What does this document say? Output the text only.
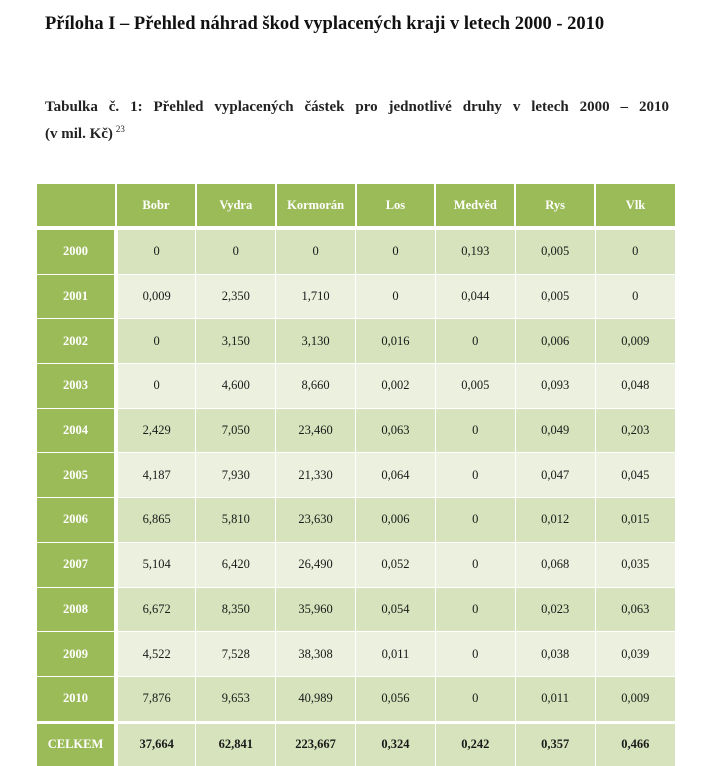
Příloha I – Přehled náhrad škod vyplacených kraji v letech 2000 - 2010
Tabulka č. 1: Přehled vyplacených částek pro jednotlivé druhy v letech 2000 – 2010
(v mil. Kč) $^{23}$
	Bobr	Vydra	Kormorán	Los	Medvěd	Rys	Vlk
2000	0	0	0	0	0,193	0,005	0
2001	0,009	2,350	1,710	0	0,044	0,005	0
2002	0	3,150	3,130	0,016	0	0,006	0,009
2003	0	4,600	8,660	0,002	0,005	0,093	0,048
2004	2,429	7,050	23,460	0,063	0	0,049	0,203
2005	4,187	7,930	21,330	0,064	0	0,047	0,045
2006	6,865	5,810	23,630	0,006	0	0,012	0,015
2007	5,104	6,420	26,490	0,052	0	0,068	0,035
2008	6,672	8,350	35,960	0,054	0	0,023	0,063
2009	4,522	7,528	38,308	0,011	0	0,038	0,039
2010	7,876	9,653	40,989	0,056	0	0,011	0,009
CELKEM	37,664	62,841	223,667	0,324	0,242	0,357	0,466
